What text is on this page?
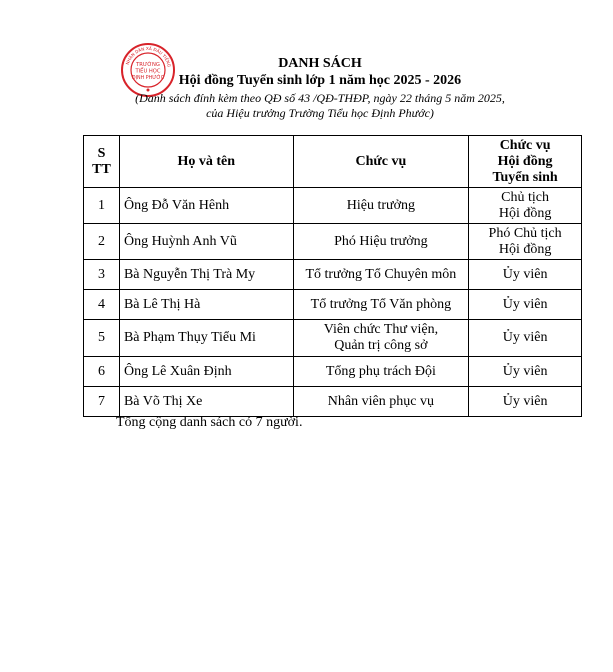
NHÂN DÂN XÃ ĐẦU TIẾNG
TRƯỜNG
TIỂU HỌC
ĐỊNH PHƯỚC
DANH SÁCH
Hội đồng Tuyển sinh lớp 1 năm học 2025 - 2026
(Danh sách đính kèm theo QĐ số 43 /QĐ-THĐP, ngày 22 tháng 5 năm 2025,
của Hiệu trưởng Trường Tiểu học Định Phước)
S
TT	Họ và tên	Chức vụ	Chức vụ
Hội đồng
Tuyển sinh
1	Ông Đỗ Văn Hênh	Hiệu trưởng	Chủ tịch
Hội đồng
2	Ông Huỳnh Anh Vũ	Phó Hiệu trưởng	Phó Chủ tịch
Hội đồng
3	Bà Nguyễn Thị Trà My	Tổ trưởng Tổ Chuyên môn	Ủy viên
4	Bà Lê Thị Hà	Tổ trưởng Tổ Văn phòng	Ủy viên
5	Bà Phạm Thụy Tiểu Mi	Viên chức Thư viện,
Quản trị công sở	Ủy viên
6	Ông Lê Xuân Định	Tổng phụ trách Đội	Ủy viên
7	Bà Võ Thị Xe	Nhân viên phục vụ	Ủy viên
Tổng cộng danh sách có 7 người.
